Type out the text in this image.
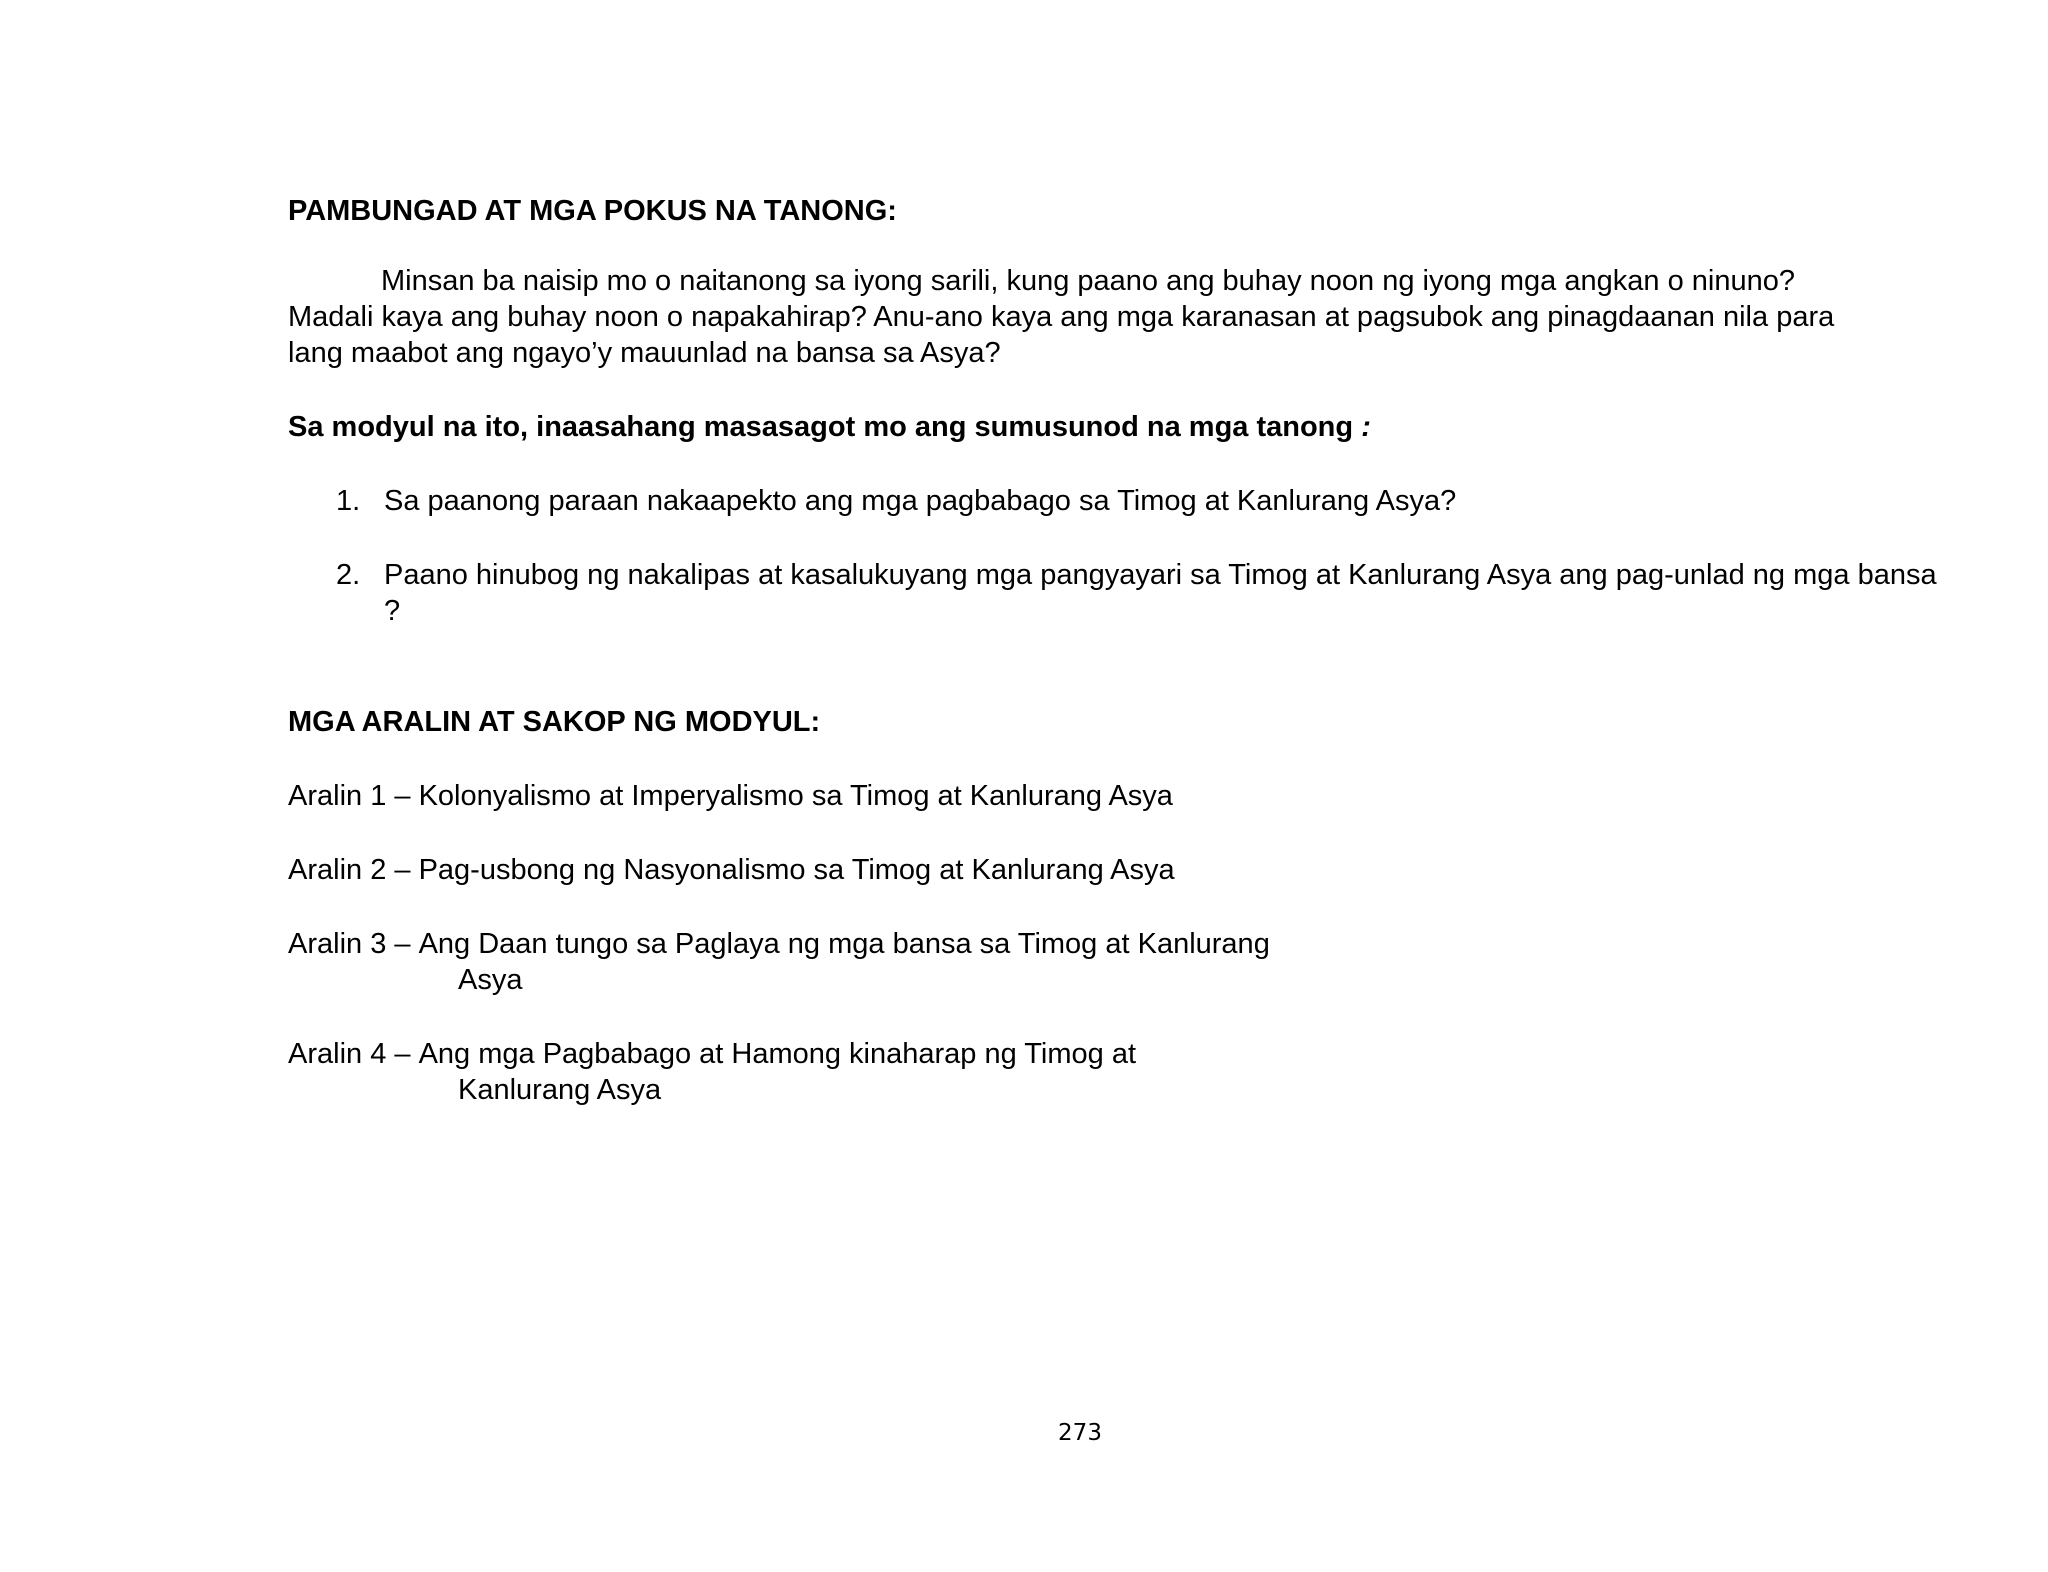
PAMBUNGAD AT MGA POKUS NA TANONG:

Minsan ba naisip mo o naitanong sa iyong sarili, kung paano ang buhay noon ng iyong mga angkan o ninuno? Madali kaya ang buhay noon o napakahirap? Anu-ano kaya ang mga karanasan at pagsubok ang pinagdaanan nila para lang maabot ang ngayo’y mauunlad na bansa sa Asya?

Sa modyul na ito, inaasahang masasagot mo ang sumusunod na mga tanong :

1. Sa paanong paraan nakaapekto ang mga pagbabago sa Timog at Kanlurang Asya?
2. Paano hinubog ng nakalipas at kasalukuyang mga pangyayari sa Timog at Kanlurang Asya ang pag-unlad ng mga bansa ?

MGA ARALIN AT SAKOP NG MODYUL:

Aralin 1 – Kolonyalismo at Imperyalismo sa Timog at Kanlurang Asya
Aralin 2 – Pag-usbong ng Nasyonalismo sa Timog at Kanlurang Asya
Aralin 3 – Ang Daan tungo sa Paglaya ng mga bansa sa Timog at Kanlurang
Asya
Aralin 4 – Ang mga Pagbabago at Hamong kinaharap ng Timog at
Kanlurang Asya
273
